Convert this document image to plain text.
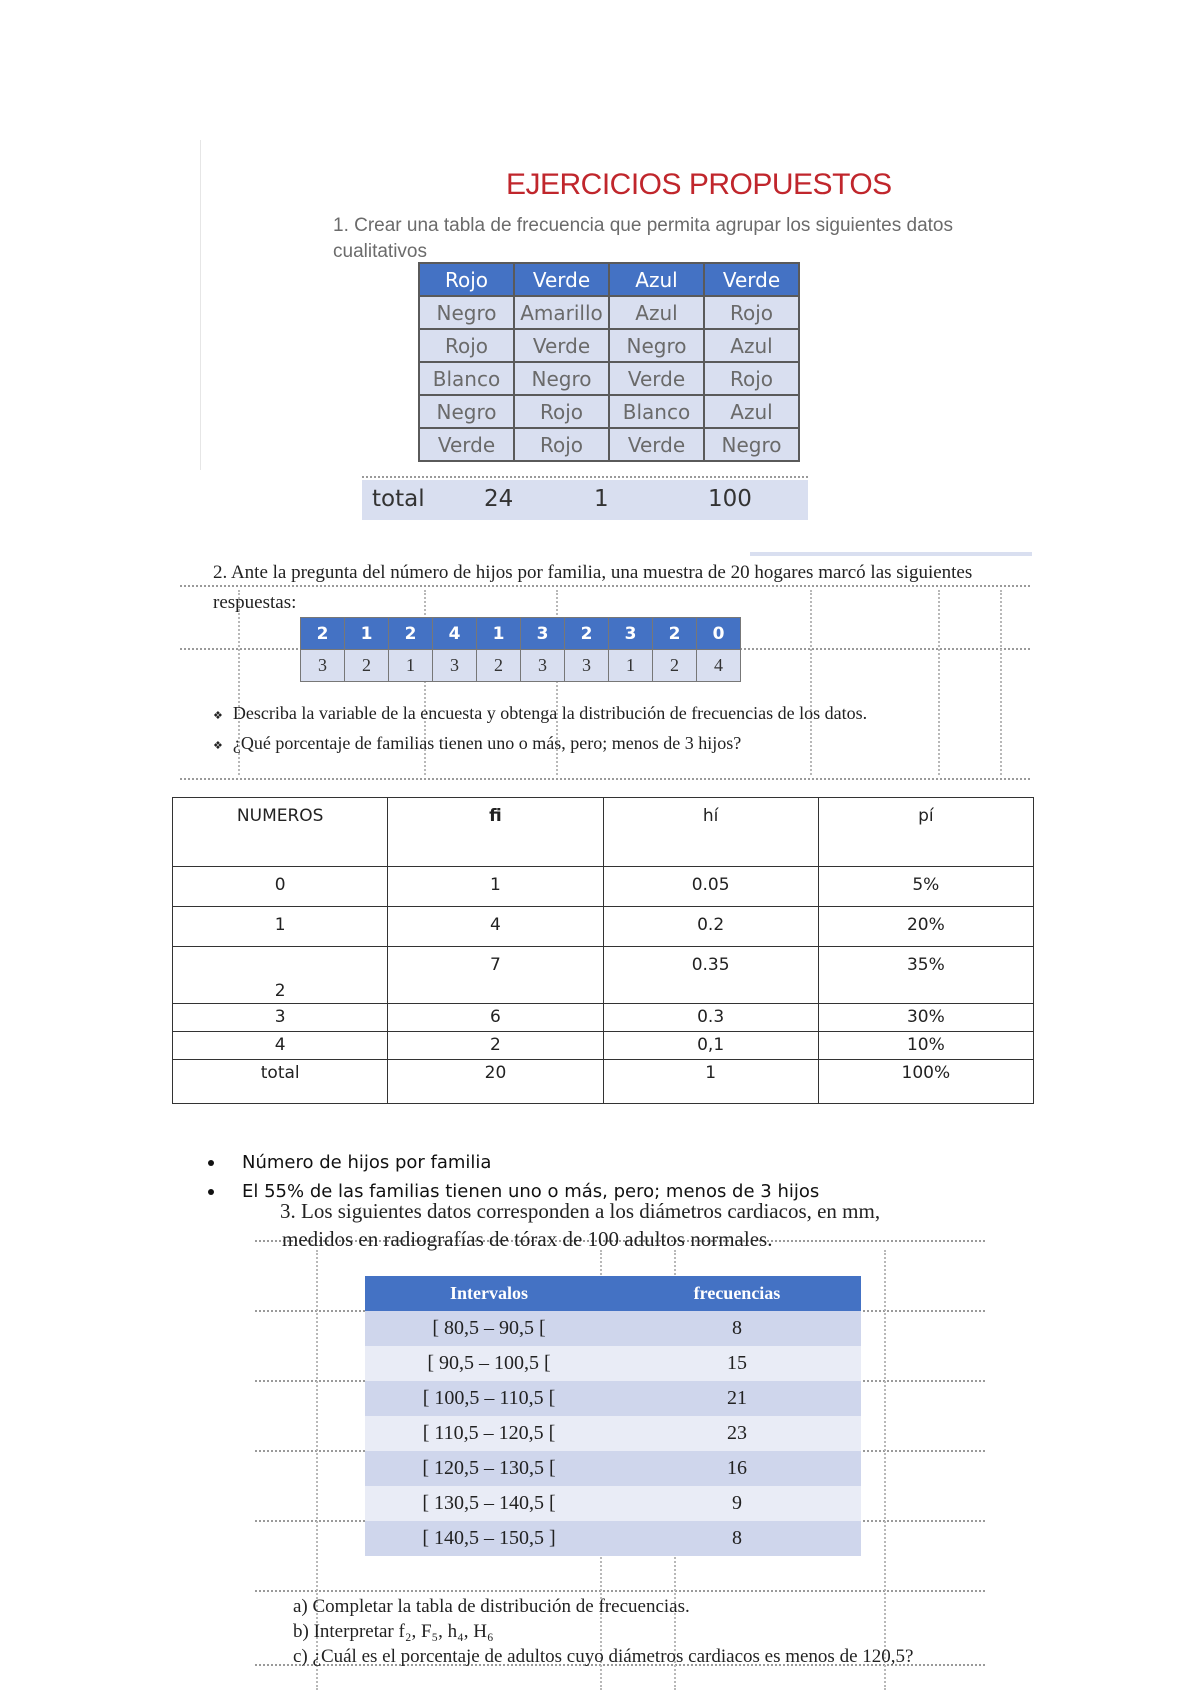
EJERCICIOS PROPUESTOS
1. Crear una tabla de frecuencia que permita agrupar los siguientes datos cualitativos
Rojo	Verde	Azul	Verde
Negro	Amarillo	Azul	Rojo
Rojo	Verde	Negro	Azul
Blanco	Negro	Verde	Rojo
Negro	Rojo	Blanco	Azul
Verde	Rojo	Verde	Negro
total	24	1	100
2. Ante la pregunta del número de hijos por familia, una muestra de 20 hogares marcó las siguientes respuestas:
2	1	2	4	1	3	2	3	2	0
3	2	1	3	2	3	3	1	2	4
❖ Describa la variable de la encuesta y obtenga la distribución de frecuencias de los datos.
❖ ¿Qué porcentaje de familias tienen uno o más, pero; menos de 3 hijos?
NUMEROS	fi	hí	pí

0	1	0.05	5%

1	4	0.2	20%

2	7	0.35	35%

3	6	0.3	30%

4	2	0,1	10%

total	20	1	100%
Número de hijos por familia
El 55% de las familias tienen uno o más, pero; menos de 3 hijos
3. Los siguientes datos corresponden a los diámetros cardiacos, en mm,
medidos en radiografías de tórax de 100 adultos normales.
Intervalos	frecuencias
[ 80,5 – 90,5 [	8
[ 90,5 – 100,5 [	15
[ 100,5 – 110,5 [	21
[ 110,5 – 120,5 [	23
[ 120,5 – 130,5 [	16
[ 130,5 – 140,5 [	9
[ 140,5 – 150,5 ]	8
a) Completar la tabla de distribución de frecuencias.
b) Interpretar f₂, F₅, h₄, H₆
c) ¿Cuál es el porcentaje de adultos cuyo diámetros cardiacos es menos de 120,5?
